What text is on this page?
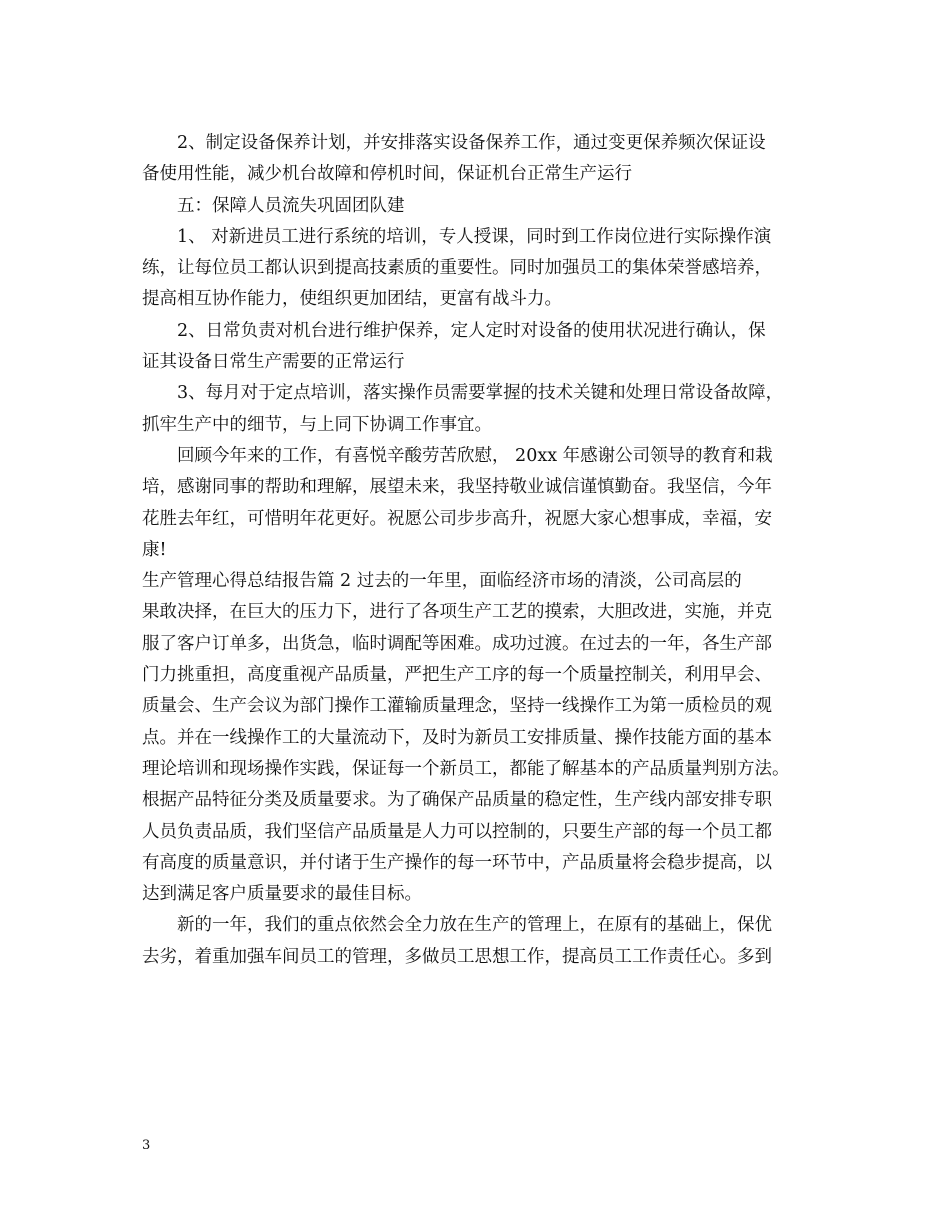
2、制定设备保养计划，并安排落实设备保养工作，通过变更保养频次保证设
备使用性能，减少机台故障和停机时间，保证机台正常生产运行
五：保障人员流失巩固团队建
1、 对新进员工进行系统的培训，专人授课，同时到工作岗位进行实际操作演
练，让每位员工都认识到提高技素质的重要性。同时加强员工的集体荣誉感培养，
提高相互协作能力，使组织更加团结，更富有战斗力。
2、日常负责对机台进行维护保养，定人定时对设备的使用状况进行确认，保
证其设备日常生产需要的正常运行
3、每月对于定点培训，落实操作员需要掌握的技术关键和处理日常设备故障，
抓牢生产中的细节，与上同下协调工作事宜。
回顾今年来的工作，有喜悦辛酸劳苦欣慰， 20xx 年感谢公司领导的教育和栽
培，感谢同事的帮助和理解，展望未来，我坚持敬业诚信谨慎勤奋。我坚信，今年
花胜去年红，可惜明年花更好。祝愿公司步步高升，祝愿大家心想事成，幸福，安
康!
生产管理心得总结报告篇 2 过去的一年里，面临经济市场的清淡，公司高层的
果敢决择，在巨大的压力下，进行了各项生产工艺的摸索，大胆改进，实施，并克
服了客户订单多，出货急，临时调配等困难。成功过渡。在过去的一年，各生产部
门力挑重担，高度重视产品质量，严把生产工序的每一个质量控制关，利用早会、
质量会、生产会议为部门操作工灌输质量理念，坚持一线操作工为第一质检员的观
点。并在一线操作工的大量流动下，及时为新员工安排质量、操作技能方面的基本
理论培训和现场操作实践，保证每一个新员工，都能了解基本的产品质量判别方法。
根据产品特征分类及质量要求。为了确保产品质量的稳定性，生产线内部安排专职
人员负责品质，我们坚信产品质量是人力可以控制的，只要生产部的每一个员工都
有高度的质量意识，并付诸于生产操作的每一环节中，产品质量将会稳步提高，以
达到满足客户质量要求的最佳目标。
新的一年，我们的重点依然会全力放在生产的管理上，在原有的基础上，保优
去劣，着重加强车间员工的管理，多做员工思想工作，提高员工工作责任心。多到
3
